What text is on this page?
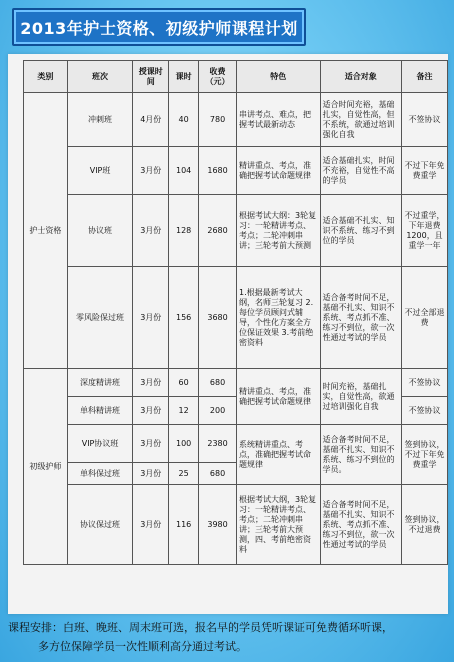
2013年护士资格、初级护师课程计划
类别	班次	授课时间	课时	收费（元）	特色	适合对象	备注
护士资格	冲刺班	4月份	40	780	串讲考点、难点，把握考试最新动态	适合时间充裕，基础扎实，自觉性高，但不系统，欲通过培训强化自我	不签协议
	VIP班	3月份	104	1680	精讲重点、考点，准确把握考试命题规律	适合基础扎实，时间不充裕，自觉性不高的学员	不过下年免费重学
	协议班	3月份	128	2680	根据考试大纲：3轮复习：一轮精讲考点、考点；二轮冲刺串讲；三轮考前大预测	适合基础不扎实、知识不系统、练习不到位的学员	不过重学，下年退费1200，且重学一年
	零风险保过班	3月份	156	3680	1.根据最新考试大纲，名师三轮复习 2.每位学员顾问式辅导，个性化方案全方位保证效果 3.考前绝密资料	适合备考时间不足，基础不扎实、知识不系统、考点抓不准、练习不到位，欲一次性通过考试的学员	不过全部退费
初级护师	深度精讲班	3月份	60	680	精讲重点、考点，准确把握考试命题规律	时间充裕，基础扎实，自觉性高，欲通过培训强化自我	不签协议
	单科精讲班	3月份	12	200			不签协议
	VIP协议班	3月份	100	2380	系统精讲重点、考点，准确把握考试命题规律	适合备考时间不足，基础不扎实、知识不系统、练习不到位的学员。	签到协议，不过下年免费重学
	单科保过班	3月份	25	680			
	协议保过班	3月份	116	3980	根据考试大纲，3轮复习：一轮精讲考点、考点；二轮冲刺串讲；三轮考前大预测，四、考前绝密资料	适合备考时间不足，基础不扎实、知识不系统、考点抓不准、练习不到位，欲一次性通过考试的学员	签到协议，不过退费
课程安排：白班、晚班、周末班可选，报名早的学员凭听课证可免费循环听课，
多方位保障学员一次性顺利高分通过考试。
